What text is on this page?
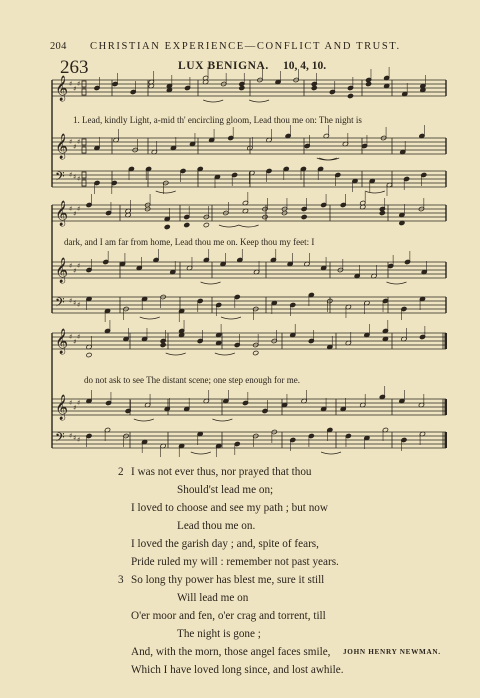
204 CHRISTIAN EXPERIENCE—CONFLICT AND TRUST.
263	LUX BENIGNA. 10, 4, 10.
𝄞 ♯
♯
♯

𝄞 ♯
♯
♯

𝄢 ♯ ♯ ♯

𝄞 ♯
♯
♯
𝄞 ♯
♯
♯
𝄢 ♯ ♯ ♯
𝄞 ♯
♯
♯
𝄞 ♯
♯
♯
𝄢 ♯ ♯ ♯
1. Lead, kindly Light, a-mid th' encircling gloom, Lead thou me on: The night is
dark, and I am far from home, Lead thou me on. Keep thou my feet: I
do not ask to see The distant scene; one step enough for me.
2 I was not ever thus, nor prayed that thou
Should'st lead me on;
I loved to choose and see my path ; but now
Lead thou me on.
I loved the garish day ; and, spite of fears,
Pride ruled my will : remember not past years.
3 So long thy power has blest me, sure it still
Will lead me on
O'er moor and fen, o'er crag and torrent, till
The night is gone ;
And, with the morn, those angel faces smile,
Which I have loved long since, and lost awhile.
JOHN HENRY NEWMAN.
